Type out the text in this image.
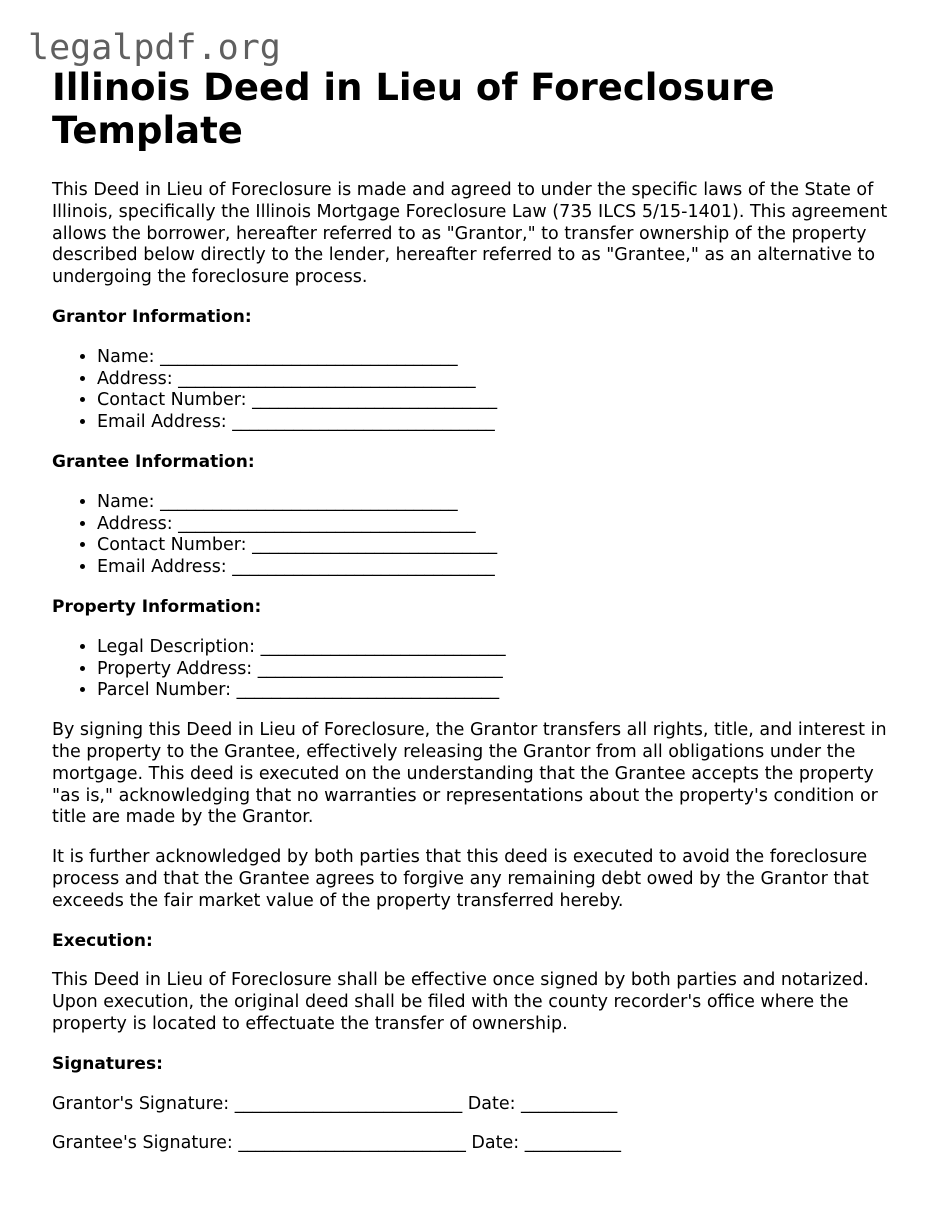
legalpdf.org
Illinois Deed in Lieu of Foreclosure Template

This Deed in Lieu of Foreclosure is made and agreed to under the specific laws of the State of Illinois, specifically the Illinois Mortgage Foreclosure Law (735 ILCS 5/15-1401). This agreement allows the borrower, hereafter referred to as "Grantor," to transfer ownership of the property described below directly to the lender, hereafter referred to as "Grantee," as an alternative to undergoing the foreclosure process.

Grantor Information:
• Name: __________________________________
• Address: __________________________________
• Contact Number: ____________________________
• Email Address: ______________________________
Grantee Information:
• Name: __________________________________
• Address: __________________________________
• Contact Number: ____________________________
• Email Address: ______________________________
Property Information:
• Legal Description: ____________________________
• Property Address: ____________________________
• Parcel Number: ______________________________

By signing this Deed in Lieu of Foreclosure, the Grantor transfers all rights, title, and interest in the property to the Grantee, effectively releasing the Grantor from all obligations under the mortgage. This deed is executed on the understanding that the Grantee accepts the property "as is," acknowledging that no warranties or representations about the property's condition or title are made by the Grantor.

It is further acknowledged by both parties that this deed is executed to avoid the foreclosure process and that the Grantee agrees to forgive any remaining debt owed by the Grantor that exceeds the fair market value of the property transferred hereby.

Execution:

This Deed in Lieu of Foreclosure shall be effective once signed by both parties and notarized. Upon execution, the original deed shall be filed with the county recorder's office where the property is located to effectuate the transfer of ownership.

Signatures:
Grantor's Signature: __________________________ Date: ___________
Grantee's Signature: __________________________ Date: ___________
